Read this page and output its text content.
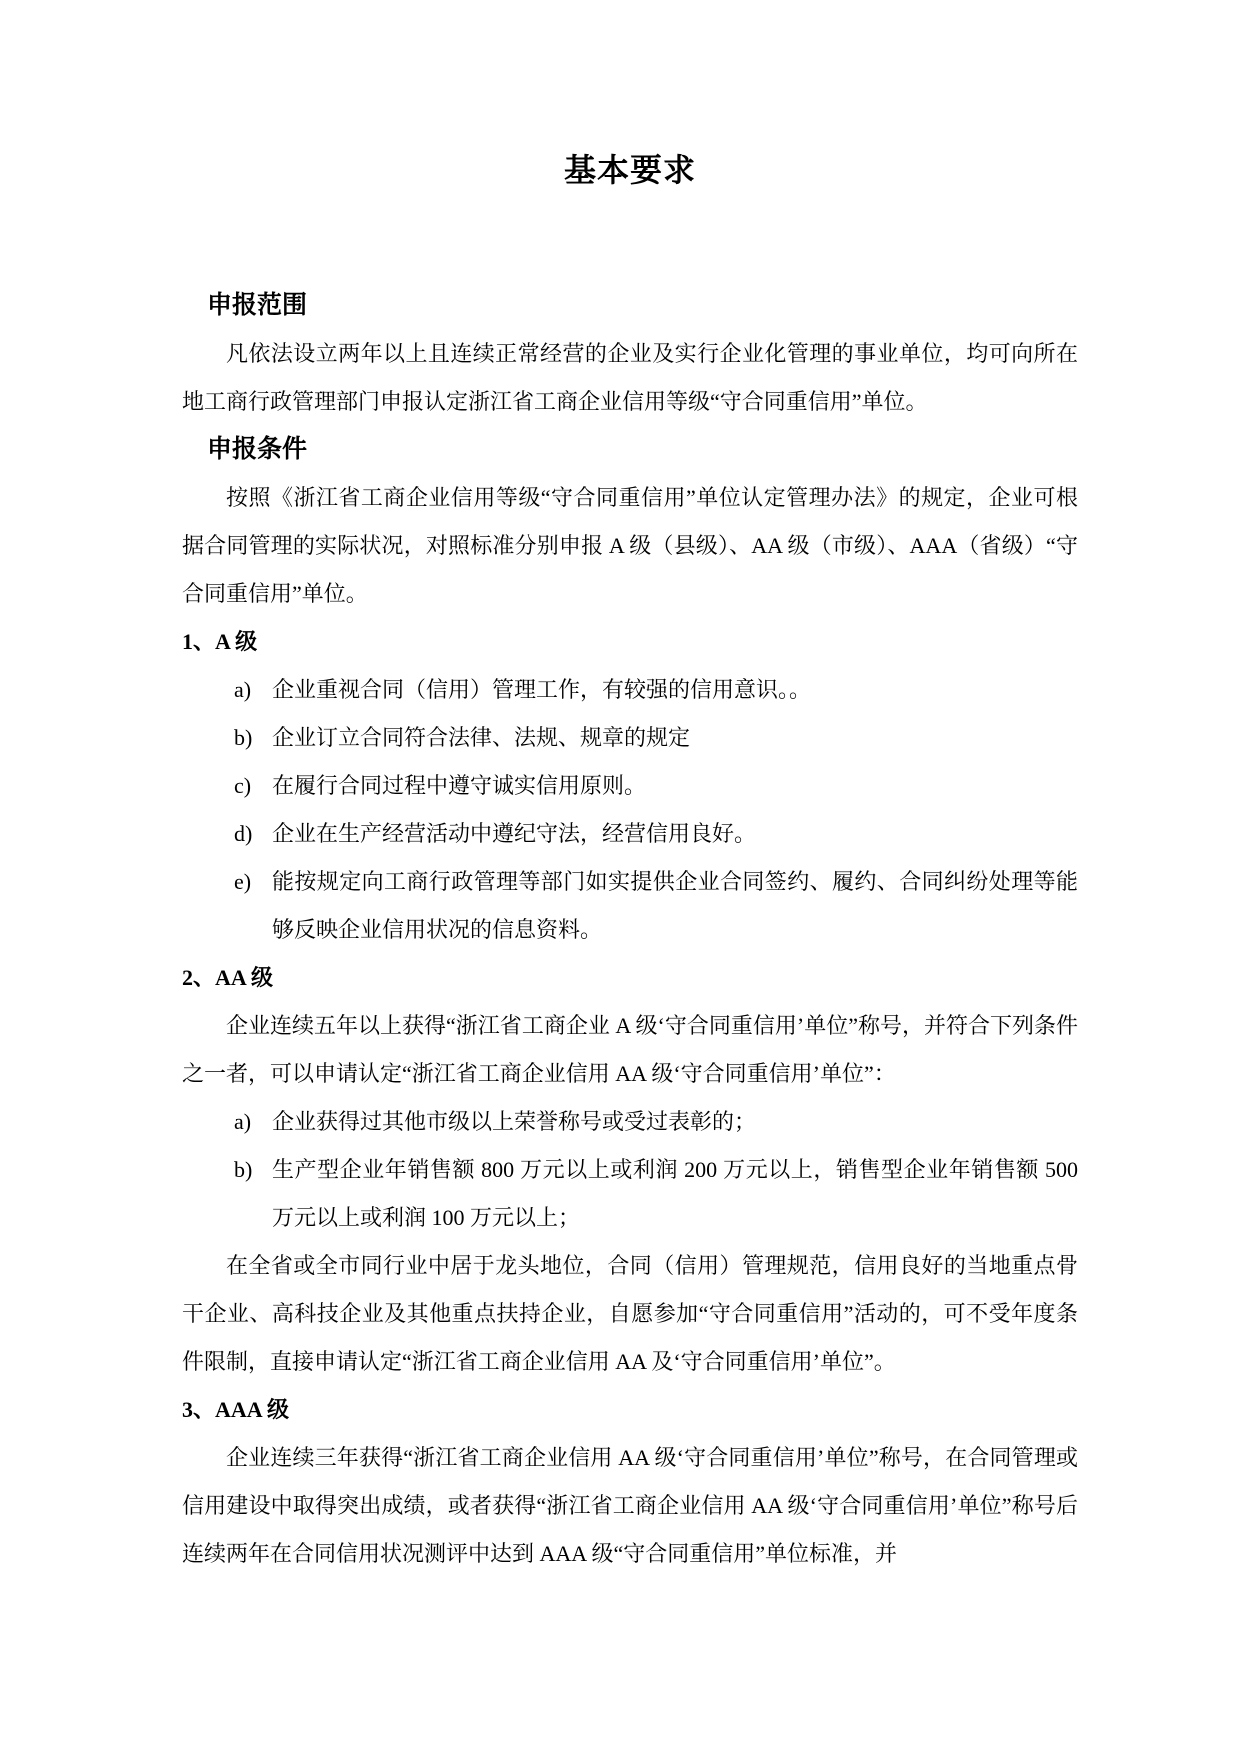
基本要求
申报范围
凡依法设立两年以上且连续正常经营的企业及实行企业化管理的事业单位，均可向所在地工商行政管理部门申报认定浙江省工商企业信用等级“守合同重信用”单位。
申报条件
按照《浙江省工商企业信用等级“守合同重信用”单位认定管理办法》的规定，企业可根据合同管理的实际状况，对照标准分别申报 A 级（县级）、AA 级（市级）、AAA（省级）“守合同重信用”单位。
1、A 级
a) 企业重视合同（信用）管理工作，有较强的信用意识。。
b) 企业订立合同符合法律、法规、规章的规定
c) 在履行合同过程中遵守诚实信用原则。
d) 企业在生产经营活动中遵纪守法，经营信用良好。
e) 能按规定向工商行政管理等部门如实提供企业合同签约、履约、合同纠纷处理等能够反映企业信用状况的信息资料。
2、AA 级
企业连续五年以上获得“浙江省工商企业 A 级‘守合同重信用’单位”称号，并符合下列条件之一者，可以申请认定“浙江省工商企业信用 AA 级‘守合同重信用’单位”：
a) 企业获得过其他市级以上荣誉称号或受过表彰的；
b) 生产型企业年销售额 800 万元以上或利润 200 万元以上，销售型企业年销售额 500 万元以上或利润 100 万元以上；
在全省或全市同行业中居于龙头地位，合同（信用）管理规范，信用良好的当地重点骨干企业、高科技企业及其他重点扶持企业，自愿参加“守合同重信用”活动的，可不受年度条件限制，直接申请认定“浙江省工商企业信用 AA 及‘守合同重信用’单位”。
3、AAA 级
企业连续三年获得“浙江省工商企业信用 AA 级‘守合同重信用’单位”称号，在合同管理或信用建设中取得突出成绩，或者获得“浙江省工商企业信用 AA 级‘守合同重信用’单位”称号后连续两年在合同信用状况测评中达到 AAA 级“守合同重信用”单位标准，并
